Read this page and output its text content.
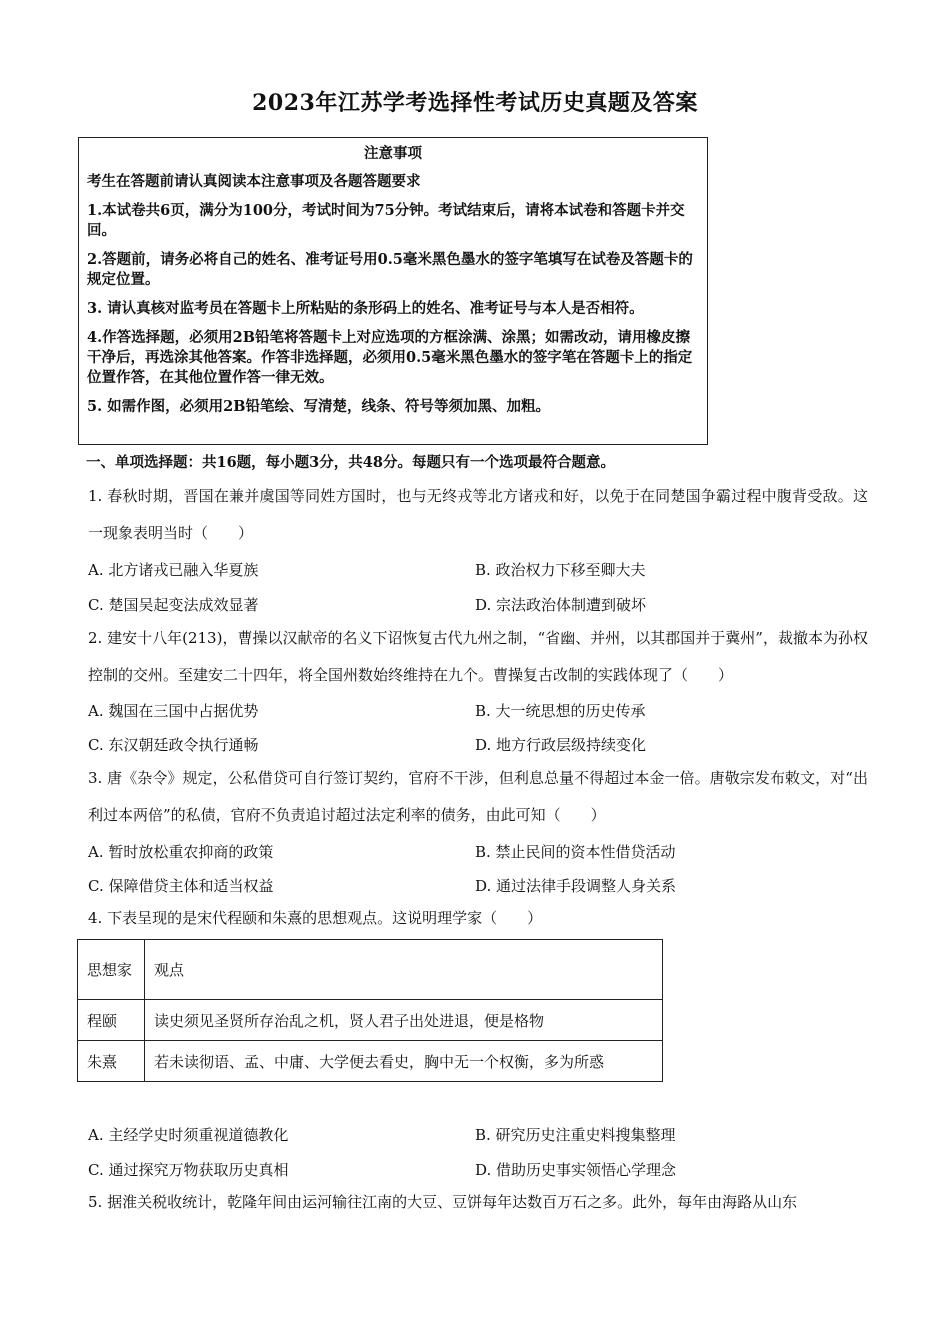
2023年江苏学考选择性考试历史真题及答案
注意事项
考生在答题前请认真阅读本注意事项及各题答题要求
1.本试卷共6页，满分为100分，考试时间为75分钟。考试结束后，请将本试卷和答题卡并交回。
2.答题前，请务必将自己的姓名、准考证号用0.5毫米黑色墨水的签字笔填写在试卷及答题卡的规定位置。
3. 请认真核对监考员在答题卡上所粘贴的条形码上的姓名、准考证号与本人是否相符。
4.作答选择题，必须用2B铅笔将答题卡上对应选项的方框涂满、涂黑；如需改动，请用橡皮擦干净后，再选涂其他答案。作答非选择题，必须用0.5毫米黑色墨水的签字笔在答题卡上的指定位置作答，在其他位置作答一律无效。
5. 如需作图，必须用2B铅笔绘、写清楚，线条、符号等须加黑、加粗。
一、单项选择题：共16题，每小题3分，共48分。每题只有一个选项最符合题意。
1. 春秋时期，晋国在兼并虞国等同姓方国时，也与无终戎等北方诸戎和好，以免于在同楚国争霸过程中腹背受敌。这一现象表明当时（　　）
A. 北方诸戎已融入华夏族	B. 政治权力下移至卿大夫
C. 楚国吴起变法成效显著	D. 宗法政治体制遭到破坏
2. 建安十八年(213)，曹操以汉献帝的名义下诏恢复古代九州之制，“省幽、并州，以其郡国并于冀州”，裁撤本为孙权控制的交州。至建安二十四年，将全国州数始终维持在九个。曹操复古改制的实践体现了（　　）
A. 魏国在三国中占据优势	B. 大一统思想的历史传承
C. 东汉朝廷政令执行通畅	D. 地方行政层级持续变化
3. 唐《杂令》规定，公私借贷可自行签订契约，官府不干涉，但利息总量不得超过本金一倍。唐敬宗发布敕文，对“出利过本两倍”的私债，官府不负责追讨超过法定利率的债务，由此可知（　　）
A. 暂时放松重农抑商的政策	B. 禁止民间的资本性借贷活动
C. 保障借贷主体和适当权益	D. 通过法律手段调整人身关系
4. 下表呈现的是宋代程颐和朱熹的思想观点。这说明理学家（　　）
思想家	观点
程颐	读史须见圣贤所存治乱之机，贤人君子出处进退，便是格物
朱熹	若未读彻语、孟、中庸、大学便去看史，胸中无一个权衡，多为所惑
A. 主经学史时须重视道德教化	B. 研究历史注重史料搜集整理
C. 通过探究万物获取历史真相	D. 借助历史事实领悟心学理念
5. 据淮关税收统计，乾隆年间由运河输往江南的大豆、豆饼每年达数百万石之多。此外，每年由海路从山东
